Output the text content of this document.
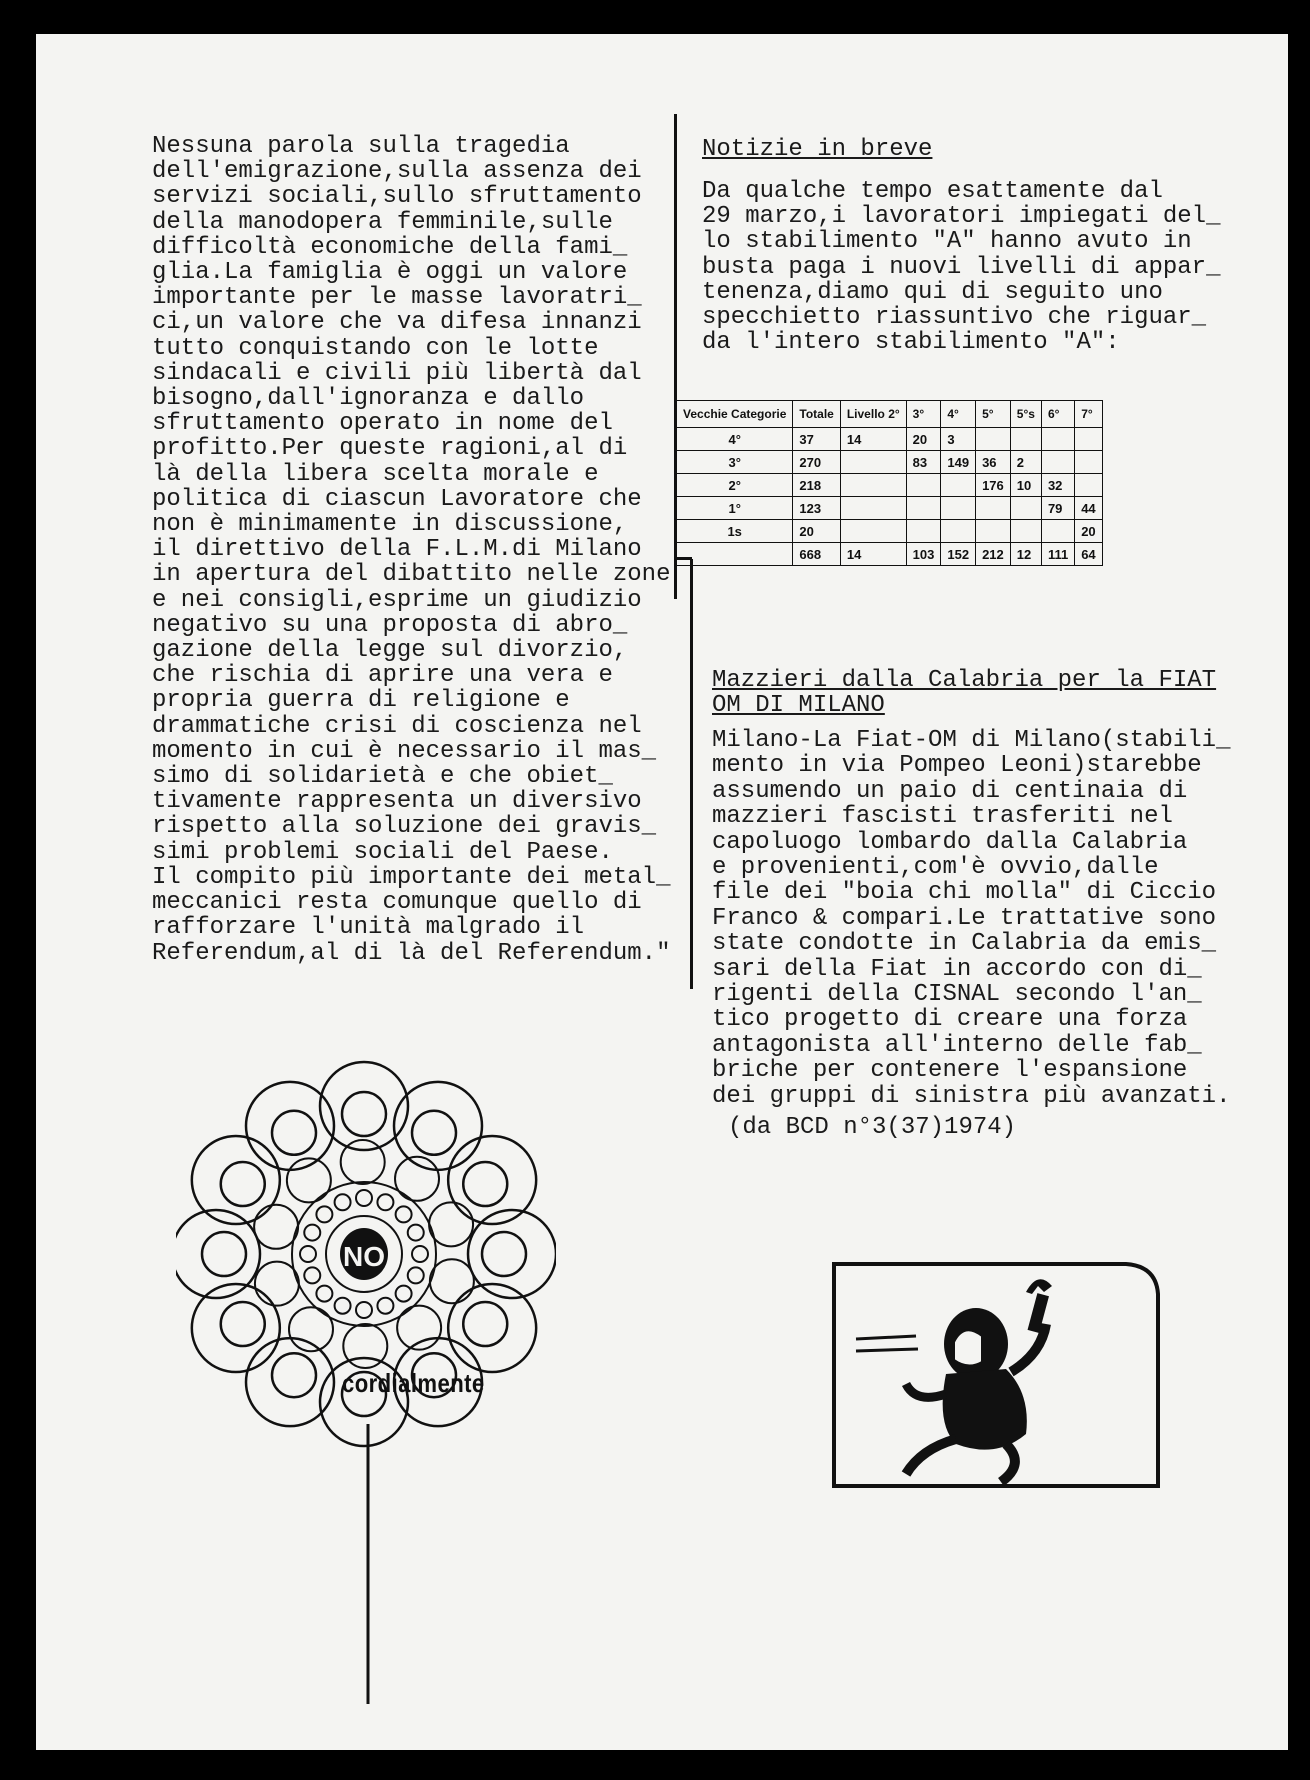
Nessuna parola sulla tragedia
dell'emigrazione,sulla assenza dei
servizi sociali,sullo sfruttamento
della manodopera femminile,sulle
difficoltà economiche della fami_
glia.La famiglia è oggi un valore
importante per le masse lavoratri_
ci,un valore che va difesa innanzi
tutto conquistando con le lotte
sindacali e civili più libertà dal
bisogno,dall'ignoranza e dallo
sfruttamento operato in nome del
profitto.Per queste ragioni,al di
là della libera scelta morale e
politica di ciascun Lavoratore che
non è minimamente in discussione,
il direttivo della F.L.M.di Milano
in apertura del dibattito nelle zone
e nei consigli,esprime un giudizio
negativo su una proposta di abro_
gazione della legge sul divorzio,
che rischia di aprire una vera e
propria guerra di religione e
drammatiche crisi di coscienza nel
momento in cui è necessario il mas_
simo di solidarietà e che obiet_
tivamente rappresenta un diversivo
rispetto alla soluzione dei gravis_
simi problemi sociali del Paese.
Il compito più importante dei metal_
meccanici resta comunque quello di
rafforzare l'unità malgrado il
Referendum,al di là del Referendum."
Notizie in breve
Da qualche tempo esattamente dal
29 marzo,i lavoratori impiegati del_
lo stabilimento "A" hanno avuto in
busta paga i nuovi livelli di appar_
tenenza,diamo qui di seguito uno
specchietto riassuntivo che riguar_
da l'intero stabilimento "A":
Vecchie Categorie	Totale	Livello 2°	3°	4°	5°	5°s	6°	7°
4°	37	14	20	3				
3°	270		83	149	36	2		
2°	218				176	10	32	
1°	123						79	44
1s	20							20
	668	14	103	152	212	12	111	64
Mazzieri dalla Calabria per la FIAT
OM DI MILANO
Milano-La Fiat-OM di Milano(stabili_
mento in via Pompeo Leoni)starebbe
assumendo un paio di centinaia di
mazzieri fascisti trasferiti nel
capoluogo lombardo dalla Calabria
e provenienti,com'è ovvio,dalle
file dei "boia chi molla" di Ciccio
Franco & compari.Le trattative sono
state condotte in Calabria da emis_
sari della Fiat in accordo con di_
rigenti della CISNAL secondo l'an_
tico progetto di creare una forza
antagonista all'interno delle fab_
briche per contenere l'espansione
dei gruppi di sinistra più avanzati.
(da BCD n°3(37)1974)
NO
cordialmente
